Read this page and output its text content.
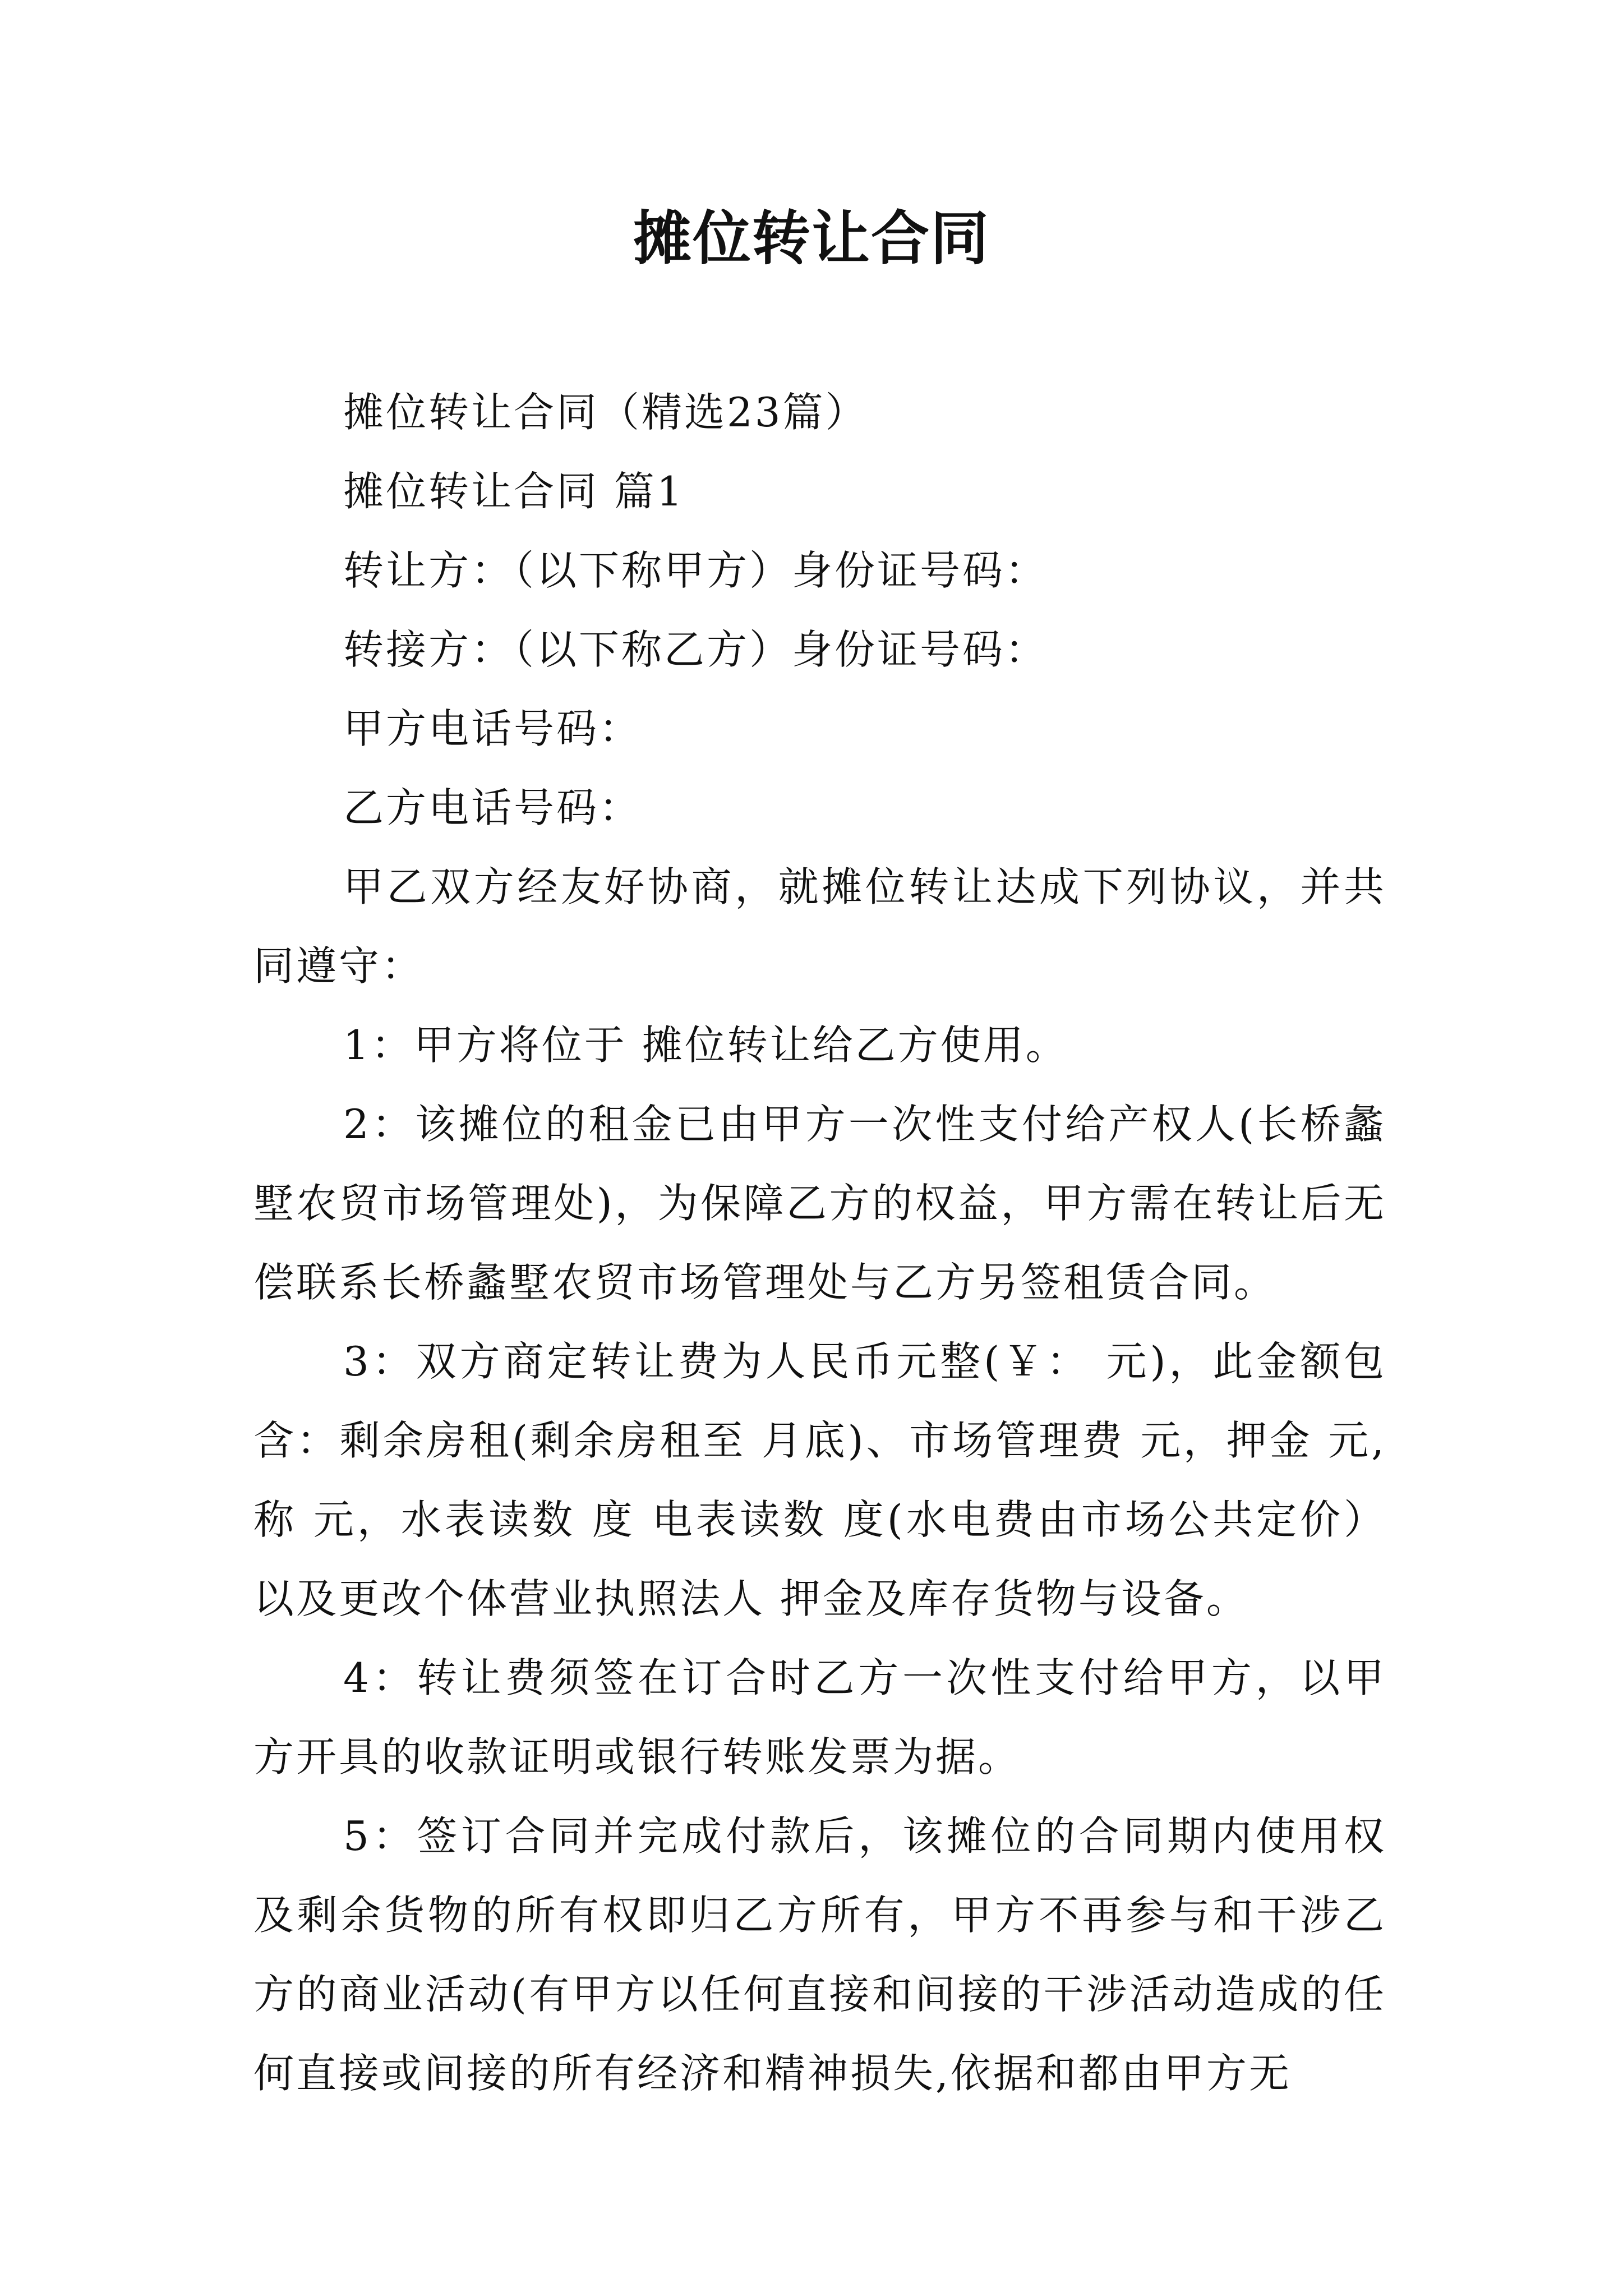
摊位转让合同

摊位转让合同（精选23篇）

摊位转让合同 篇1

转让方：（以下称甲方）身份证号码：

转接方：（以下称乙方）身份证号码：

甲方电话号码：

乙方电话号码：

甲乙双方经友好协商，就摊位转让达成下列协议，并共同遵守：

1：甲方将位于 摊位转让给乙方使用。

2：该摊位的租金已由甲方一次性支付给产权人(长桥蠡墅农贸市场管理处)，为保障乙方的权益，甲方需在转让后无偿联系长桥蠡墅农贸市场管理处与乙方另签租赁合同。

3：双方商定转让费为人民币元整(￥： 元)，此金额包含：剩余房租(剩余房租至 月底)、市场管理费 元，押金 元,称 元，水表读数 度 电表读数 度(水电费由市场公共定价）以及更改个体营业执照法人 押金及库存货物与设备。

4：转让费须签在订合时乙方一次性支付给甲方，以甲方开具的收款证明或银行转账发票为据。

5：签订合同并完成付款后，该摊位的合同期内使用权及剩余货物的所有权即归乙方所有，甲方不再参与和干涉乙方的商业活动(有甲方以任何直接和间接的干涉活动造成的任何直接或间接的所有经济和精神损失,依据和都由甲方无
